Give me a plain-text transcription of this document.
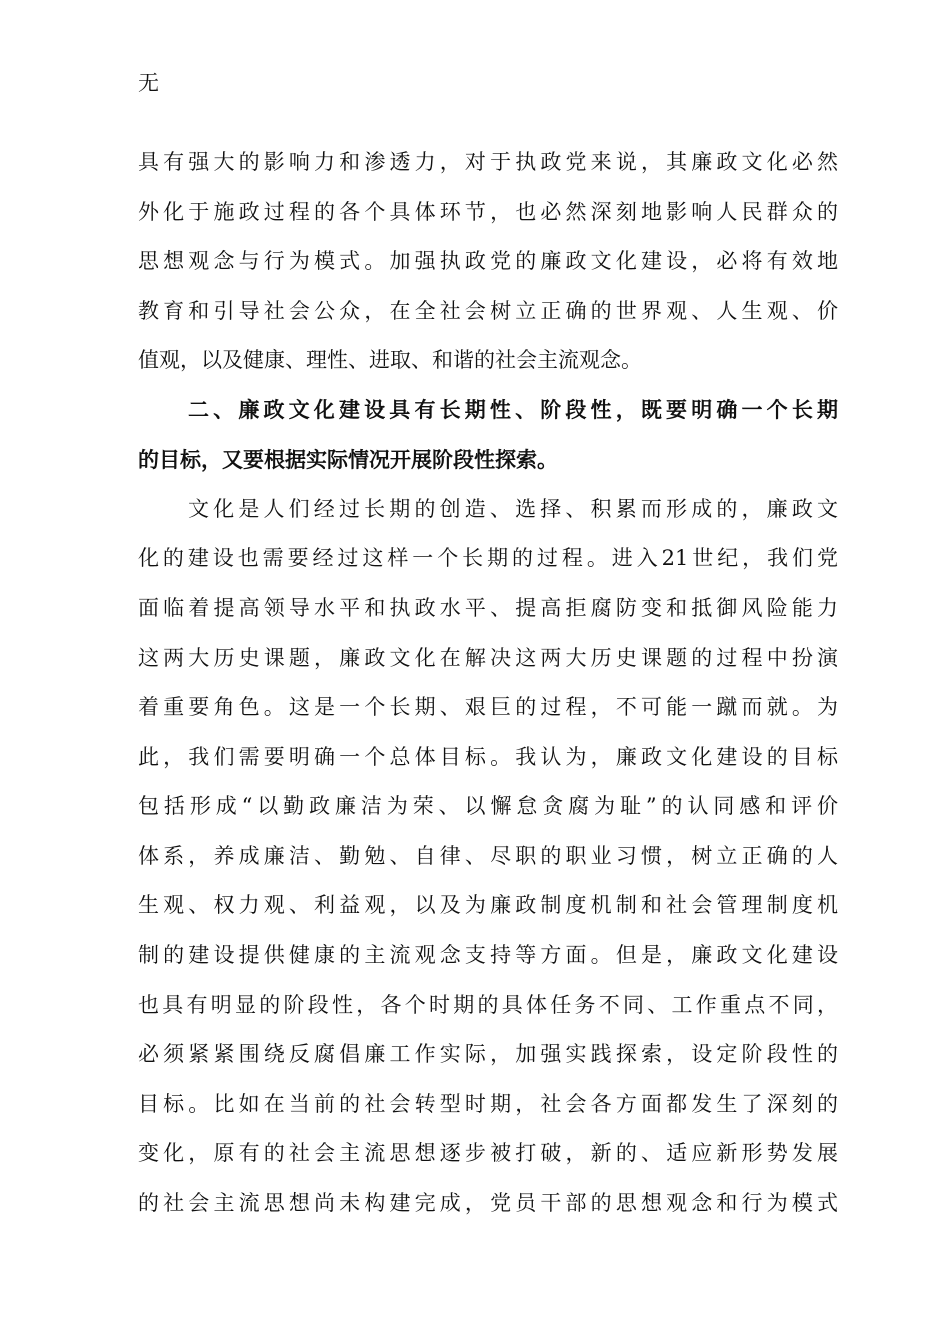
无
具有强大的影响力和渗透力，对于执政党来说，其廉政文化必然
外化于施政过程的各个具体环节，也必然深刻地影响人民群众的
思想观念与行为模式。加强执政党的廉政文化建设，必将有效地
教育和引导社会公众，在全社会树立正确的世界观、人生观、价
值观，以及健康、理性、进取、和谐的社会主流观念。
二、廉政文化建设具有长期性、阶段性，既要明确一个长期
的目标，又要根据实际情况开展阶段性探索。
文化是人们经过长期的创造、选择、积累而形成的，廉政文
化的建设也需要经过这样一个长期的过程。进入21世纪，我们党
面临着提高领导水平和执政水平、提高拒腐防变和抵御风险能力
这两大历史课题，廉政文化在解决这两大历史课题的过程中扮演
着重要角色。这是一个长期、艰巨的过程，不可能一蹴而就。为
此，我们需要明确一个总体目标。我认为，廉政文化建设的目标
包括形成“以勤政廉洁为荣、以懈怠贪腐为耻”的认同感和评价
体系，养成廉洁、勤勉、自律、尽职的职业习惯，树立正确的人
生观、权力观、利益观，以及为廉政制度机制和社会管理制度机
制的建设提供健康的主流观念支持等方面。但是，廉政文化建设
也具有明显的阶段性，各个时期的具体任务不同、工作重点不同，
必须紧紧围绕反腐倡廉工作实际，加强实践探索，设定阶段性的
目标。比如在当前的社会转型时期，社会各方面都发生了深刻的
变化，原有的社会主流思想逐步被打破，新的、适应新形势发展
的社会主流思想尚未构建完成，党员干部的思想观念和行为模式
